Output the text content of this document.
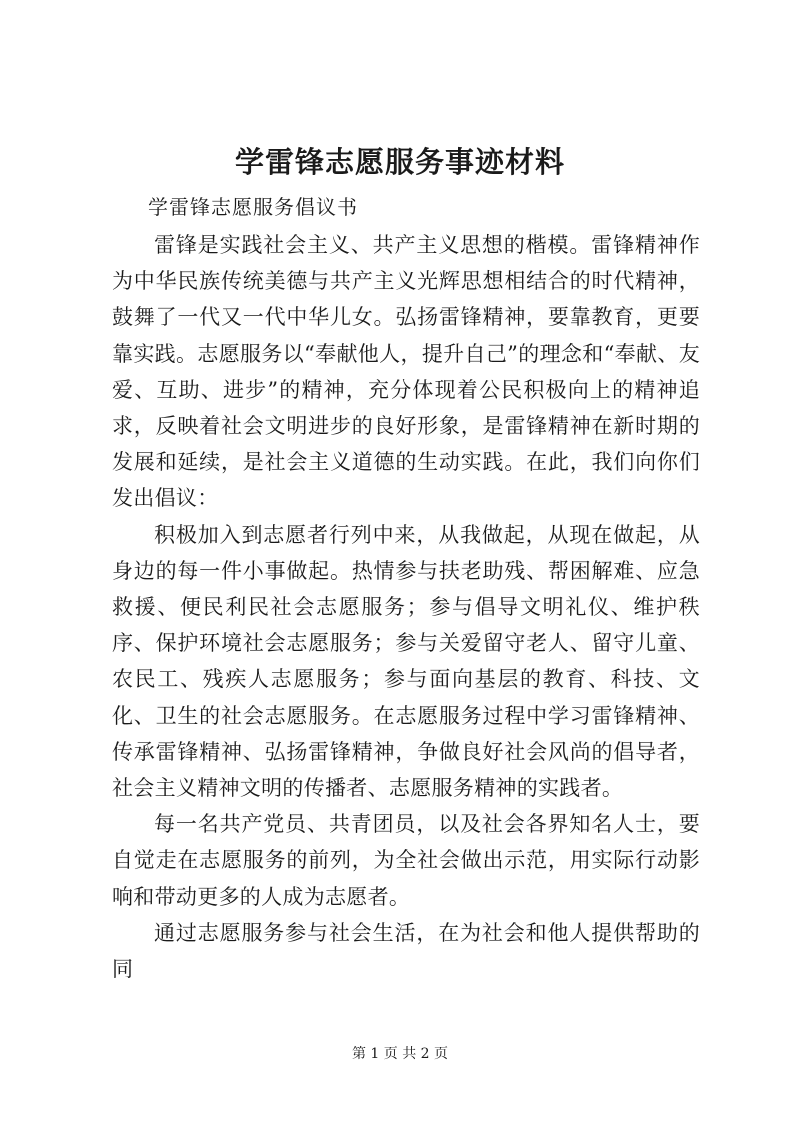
学雷锋志愿服务事迹材料

学雷锋志愿服务倡议书

雷锋是实践社会主义、共产主义思想的楷模。雷锋精神作为中华民族传统美德与共产主义光辉思想相结合的时代精神，鼓舞了一代又一代中华儿女。弘扬雷锋精神，要靠教育，更要靠实践。志愿服务以“奉献他人，提升自己”的理念和“奉献、友爱、互助、进步”的精神，充分体现着公民积极向上的精神追求，反映着社会文明进步的良好形象，是雷锋精神在新时期的发展和延续，是社会主义道德的生动实践。在此，我们向你们发出倡议：

积极加入到志愿者行列中来，从我做起，从现在做起，从身边的每一件小事做起。热情参与扶老助残、帮困解难、应急救援、便民利民社会志愿服务；参与倡导文明礼仪、维护秩序、保护环境社会志愿服务；参与关爱留守老人、留守儿童、农民工、残疾人志愿服务；参与面向基层的教育、科技、文化、卫生的社会志愿服务。在志愿服务过程中学习雷锋精神、传承雷锋精神、弘扬雷锋精神，争做良好社会风尚的倡导者，社会主义精神文明的传播者、志愿服务精神的实践者。

每一名共产党员、共青团员，以及社会各界知名人士，要自觉走在志愿服务的前列，为全社会做出示范，用实际行动影响和带动更多的人成为志愿者。

通过志愿服务参与社会生活，在为社会和他人提供帮助的同

第 1 页 共 2 页
